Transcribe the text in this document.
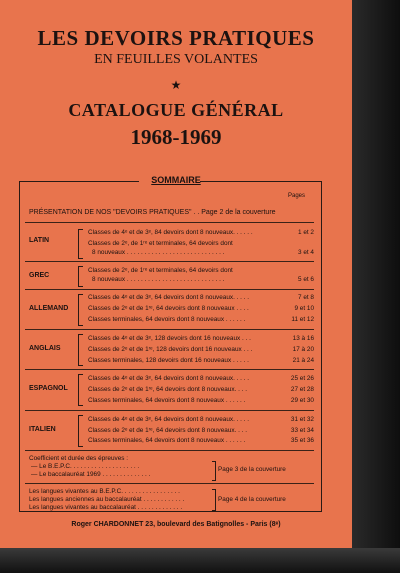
LES DEVOIRS PRATIQUES
EN FEUILLES VOLANTES
★
CATALOGUE GÉNÉRAL
1968-1969
SOMMAIRE
Pages
PRÉSENTATION DE NOS "DEVOIRS PRATIQUES" . . Page 2 de la couverture
LATIN
Classes de 4ᵉ et de 3ᵉ, 84 devoirs dont 8 nouveaux. . . . . .	1 et 2
Classes de 2ᵉ, de 1ʳᵉ et terminales, 64 devoirs dont
8 nouveaux . . . . . . . . . . . . . . . . . . . . . . . . . . . .	3 et 4
GREC
Classes de 2ᵉ, de 1ʳᵉ et terminales, 64 devoirs dont
8 nouveaux . . . . . . . . . . . . . . . . . . . . . . . . . . . .	5 et 6
ALLEMAND
Classes de 4ᵉ et de 3ᵉ, 64 devoirs dont 8 nouveaux. . . . .	7 et 8
Classes de 2ᵉ et de 1ʳᵉ, 64 devoirs dont 8 nouveaux . . . .	9 et 10
Classes terminales, 64 devoirs dont 8 nouveaux . . . . . .	11 et 12
ANGLAIS
Classes de 4ᵉ et de 3ᵉ, 128 devoirs dont 16 nouveaux . . .	13 à 16
Classes de 2ᵉ et de 1ʳᵉ, 128 devoirs dont 16 nouveaux . . .	17 à 20
Classes terminales, 128 devoirs dont 16 nouveaux . . . . .	21 à 24
ESPAGNOL
Classes de 4ᵉ et de 3ᵉ, 64 devoirs dont 8 nouveaux. . . . .	25 et 26
Classes de 2ᵉ et de 1ʳᵉ, 64 devoirs dont 8 nouveaux. . . .	27 et 28
Classes terminales, 64 devoirs dont 8 nouveaux . . . . . .	29 et 30
ITALIEN
Classes de 4ᵉ et de 3ᵉ, 64 devoirs dont 8 nouveaux. . . . .	31 et 32
Classes de 2ᵉ et de 1ʳᵉ, 64 devoirs dont 8 nouveaux. . . .	33 et 34
Classes terminales, 64 devoirs dont 8 nouveaux . . . . . .	35 et 36
Coefficient et durée des épreuves :
— Le B.E.P.C. . . . . . . . . . . . . . . . . . . .
— Le baccalauréat 1969 . . . . . . . . . . . . . .
Page 3 de la couverture
Les langues vivantes au B.E.P.C. . . . . . . . . . . . . . . . .
Les langues anciennes au baccalauréat . . . . . . . . . . . .
Les langues vivantes au baccalauréat . . . . . . . . . . . . .
Page 4 de la couverture
Roger CHARDONNET 23, boulevard des Batignolles - Paris (8ᵉ)
